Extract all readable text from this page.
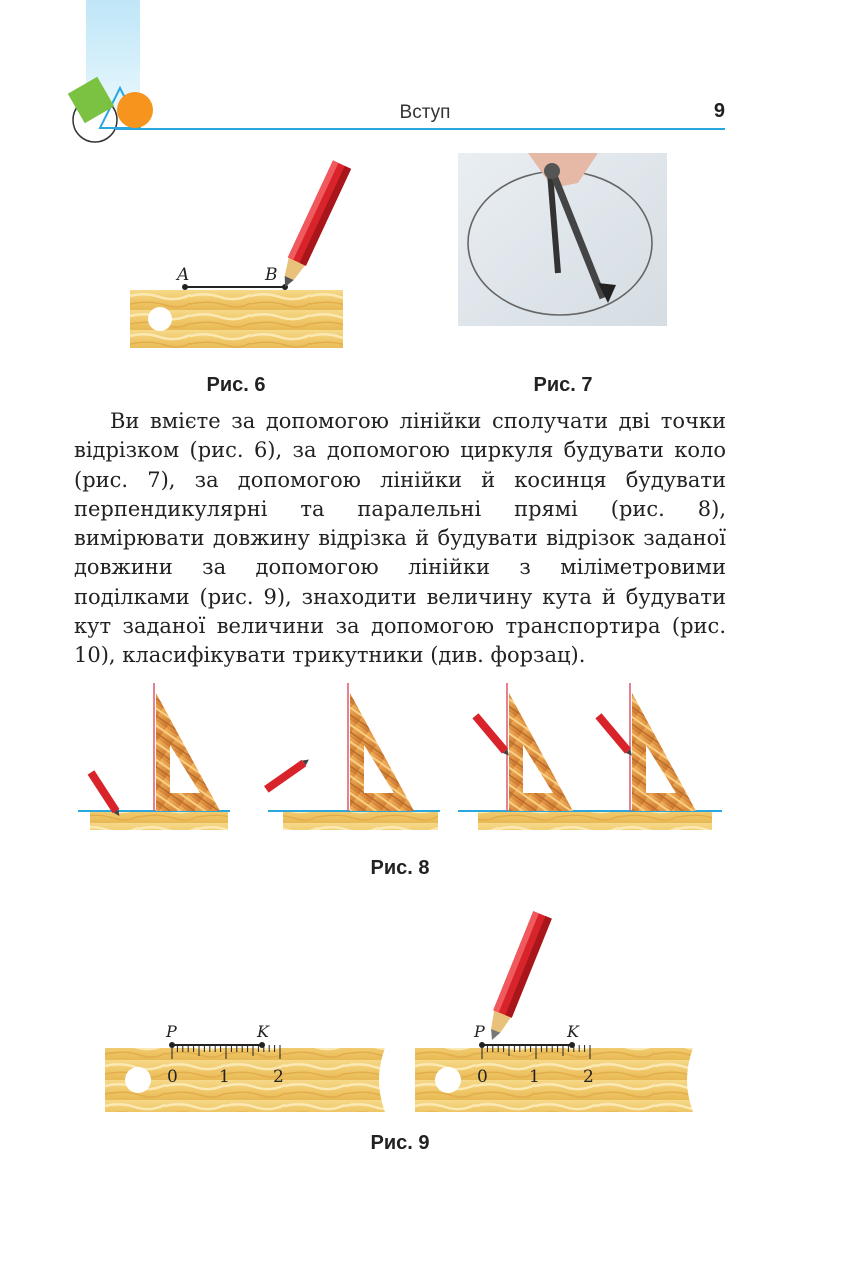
Вступ	9
A	B
Рис. 6	Рис. 7

Ви вмієте за допомогою лінійки сполучати дві точки відрізком (рис. 6), за допомогою циркуля будувати коло (рис. 7), за допомогою лінійки й косинця будувати перпендикулярні та паралельні прямі (рис. 8), вимірювати довжину відрізка й будувати відрізок заданої довжини за допомогою лінійки з міліметровими поділками (рис. 9), знаходити величину кута й будувати кут заданої величини за допомогою транспортира (рис. 10), класифікувати трикутники (див. форзац).

Рис. 8
P	K
0 1	2
P	K
0 1	2
Рис. 9
